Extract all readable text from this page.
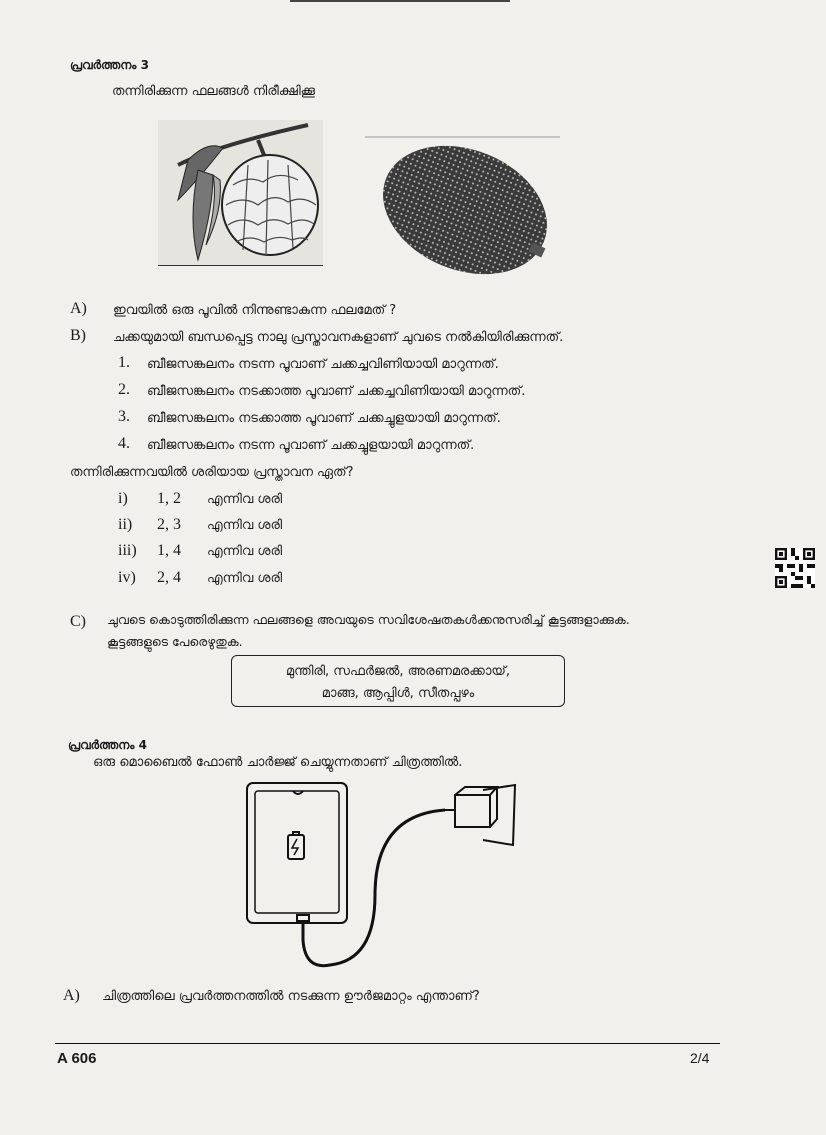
പ്രവർത്തനം 3
തന്നിരിക്കുന്ന ഫലങ്ങൾ നിരീക്ഷിക്കൂ
A) ഇവയിൽ ഒരു പൂവിൽ നിന്നുണ്ടാകുന്ന ഫലമേത് ?
B) ചക്കയുമായി ബന്ധപ്പെട്ട നാലു പ്രസ്താവനകളാണ് ചുവടെ നൽകിയിരിക്കുന്നത്.
1. ബീജസങ്കലനം നടന്ന പൂവാണ് ചക്കച്ചവിണിയായി മാറുന്നത്.
2. ബീജസങ്കലനം നടക്കാത്ത പൂവാണ് ചക്കച്ചവിണിയായി മാറുന്നത്.
3. ബീജസങ്കലനം നടക്കാത്ത പൂവാണ് ചക്കച്ചുളയായി മാറുന്നത്.
4. ബീജസങ്കലനം നടന്ന പൂവാണ് ചക്കച്ചുളയായി മാറുന്നത്.
തന്നിരിക്കുന്നവയിൽ ശരിയായ പ്രസ്താവന ഏത്?
i) 1, 2 എന്നിവ ശരി
ii) 2, 3 എന്നിവ ശരി
iii) 1, 4 എന്നിവ ശരി
iv) 2, 4 എന്നിവ ശരി
C) ചുവടെ കൊടുത്തിരിക്കുന്ന ഫലങ്ങളെ അവയുടെ സവിശേഷതകൾക്കനുസരിച്ച് കൂട്ടങ്ങളാക്കുക.
കൂട്ടങ്ങളുടെ പേരെഴുതുക.
മുന്തിരി, സഫർജൽ, അരണമരക്കായ്,
മാങ്ങ, ആപ്പിൾ, സീതപ്പഴം
പ്രവർത്തനം 4
ഒരു മൊബൈൽ ഫോൺ ചാർജ്ജ് ചെയ്യുന്നതാണ് ചിത്രത്തിൽ.
A) ചിത്രത്തിലെ പ്രവർത്തനത്തിൽ നടക്കുന്ന ഊർജമാറ്റം എന്താണ്?
A 606	2/4
